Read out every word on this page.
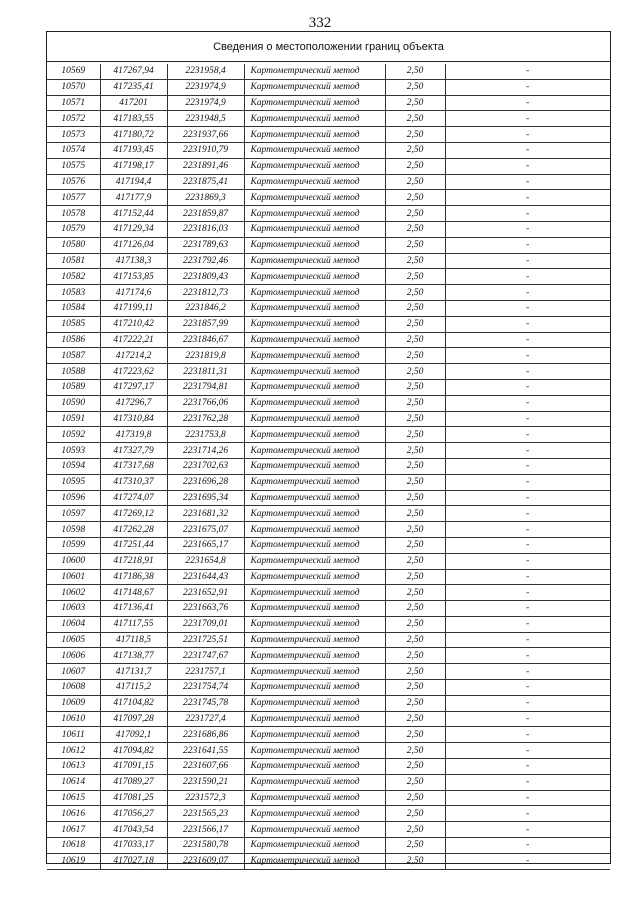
332
Сведения о местоположении границ объекта
10569	417267,94	2231958,4	Картометрический метод	2,50	-
10570	417235,41	2231974,9	Картометрический метод	2,50	-
10571	417201	2231974,9	Картометрический метод	2,50	-
10572	417183,55	2231948,5	Картометрический метод	2,50	-
10573	417180,72	2231937,66	Картометрический метод	2,50	-
10574	417193,45	2231910,79	Картометрический метод	2,50	-
10575	417198,17	2231891,46	Картометрический метод	2,50	-
10576	417194,4	2231875,41	Картометрический метод	2,50	-
10577	417177,9	2231869,3	Картометрический метод	2,50	-
10578	417152,44	2231859,87	Картометрический метод	2,50	-
10579	417129,34	2231816,03	Картометрический метод	2,50	-
10580	417126,04	2231789,63	Картометрический метод	2,50	-
10581	417138,3	2231792,46	Картометрический метод	2,50	-
10582	417153,85	2231809,43	Картометрический метод	2,50	-
10583	417174,6	2231812,73	Картометрический метод	2,50	-
10584	417199,11	2231846,2	Картометрический метод	2,50	-
10585	417210,42	2231857,99	Картометрический метод	2,50	-
10586	417222,21	2231846,67	Картометрический метод	2,50	-
10587	417214,2	2231819,8	Картометрический метод	2,50	-
10588	417223,62	2231811,31	Картометрический метод	2,50	-
10589	417297,17	2231794,81	Картометрический метод	2,50	-
10590	417296,7	2231766,06	Картометрический метод	2,50	-
10591	417310,84	2231762,28	Картометрический метод	2,50	-
10592	417319,8	2231753,8	Картометрический метод	2,50	-
10593	417327,79	2231714,26	Картометрический метод	2,50	-
10594	417317,68	2231702,63	Картометрический метод	2,50	-
10595	417310,37	2231696,28	Картометрический метод	2,50	-
10596	417274,07	2231695,34	Картометрический метод	2,50	-
10597	417269,12	2231681,32	Картометрический метод	2,50	-
10598	417262,28	2231675,07	Картометрический метод	2,50	-
10599	417251,44	2231665,17	Картометрический метод	2,50	-
10600	417218,91	2231654,8	Картометрический метод	2,50	-
10601	417186,38	2231644,43	Картометрический метод	2,50	-
10602	417148,67	2231652,91	Картометрический метод	2,50	-
10603	417136,41	2231663,76	Картометрический метод	2,50	-
10604	417117,55	2231709,01	Картометрический метод	2,50	-
10605	417118,5	2231725,51	Картометрический метод	2,50	-
10606	417138,77	2231747,67	Картометрический метод	2,50	-
10607	417131,7	2231757,1	Картометрический метод	2,50	-
10608	417115,2	2231754,74	Картометрический метод	2,50	-
10609	417104,82	2231745,78	Картометрический метод	2,50	-
10610	417097,28	2231727,4	Картометрический метод	2,50	-
10611	417092,1	2231686,86	Картометрический метод	2,50	-
10612	417094,82	2231641,55	Картометрический метод	2,50	-
10613	417091,15	2231607,66	Картометрический метод	2,50	-
10614	417089,27	2231590,21	Картометрический метод	2,50	-
10615	417081,25	2231572,3	Картометрический метод	2,50	-
10616	417056,27	2231565,23	Картометрический метод	2,50	-
10617	417043,54	2231566,17	Картометрический метод	2,50	-
10618	417033,17	2231580,78	Картометрический метод	2,50	-
10619	417027,18	2231609,07	Картометрический метод	2,50	-
